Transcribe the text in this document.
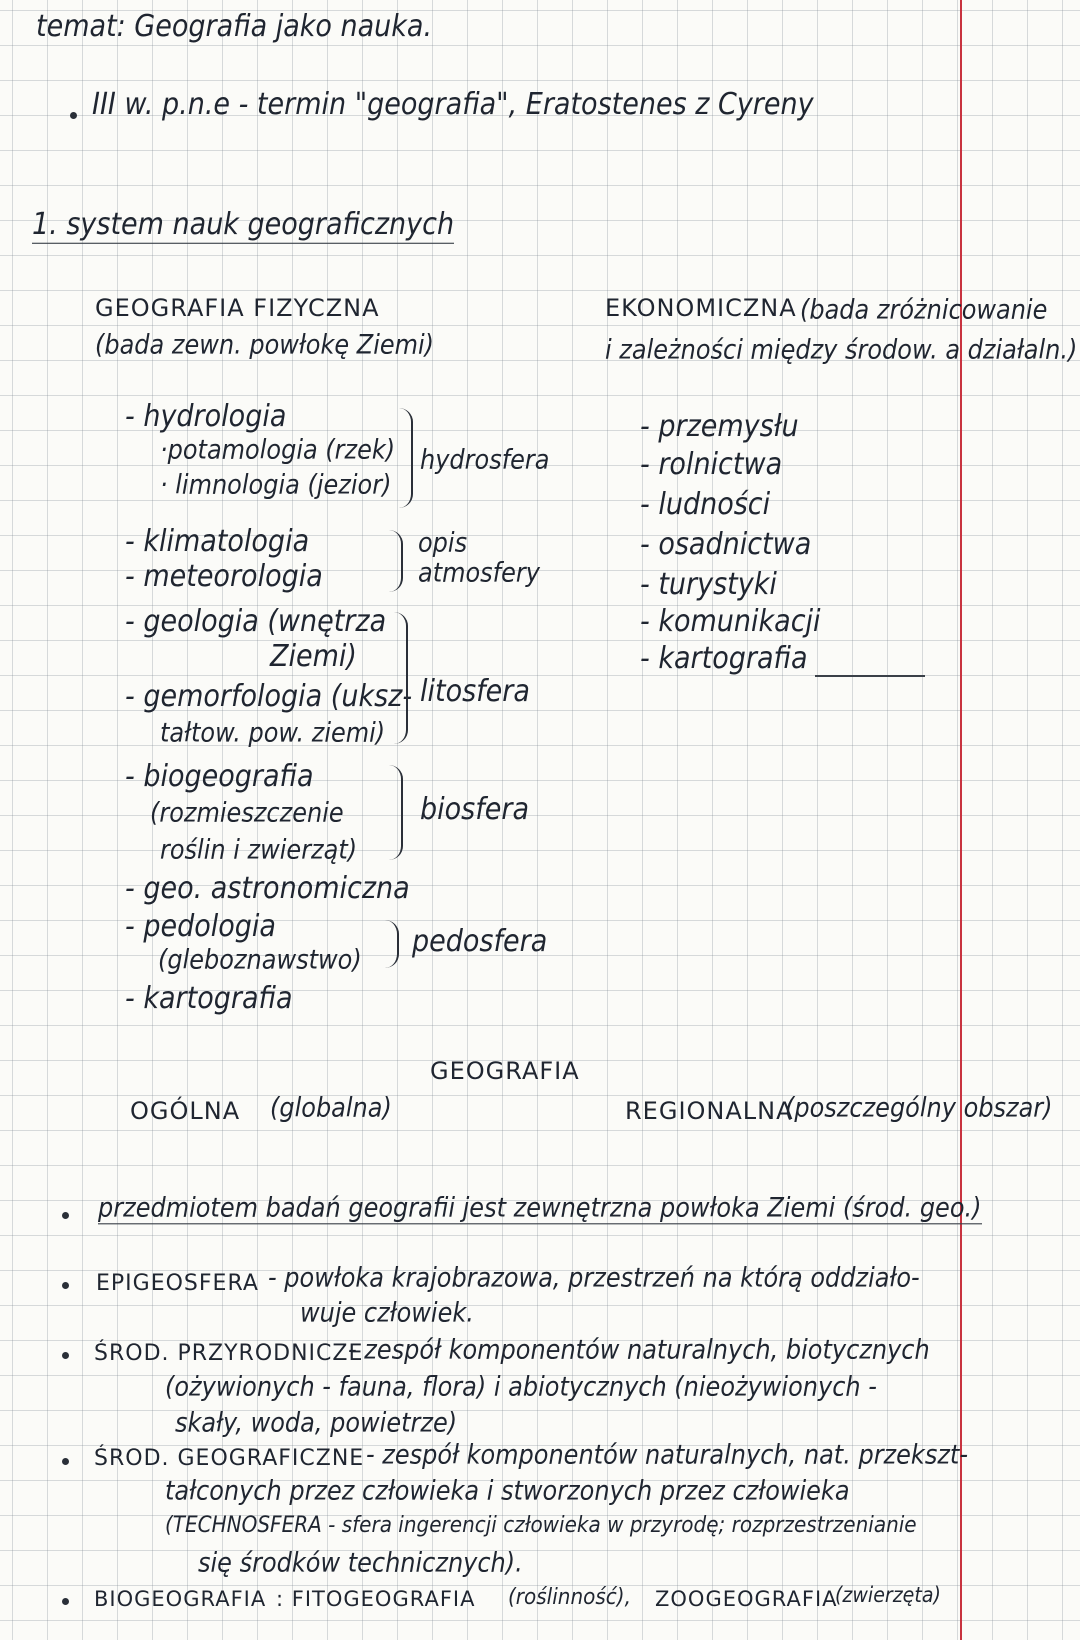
temat: Geografia jako nauka.
III w. p.n.e - termin "geografia", Eratostenes z Cyreny
1. system nauk geograficznych
GEOGRAFIA FIZYCZNA
(bada zewn. powłokę Ziemi)
EKONOMICZNA (bada zróżnicowanie
i zależności między środow. a działaln.)
- hydrologia
·potamologia (rzek)
· limnologia (jezior)
hydrosfera
- klimatologia
- meteorologia
opis
atmosfery
- geologia (wnętrza
Ziemi)
- gemorfologia (uksz-
tałtow. pow. ziemi)
litosfera
- biogeografia
(rozmieszczenie
roślin i zwierząt)
biosfera
- geo. astronomiczna
- pedologia
(gleboznawstwo)
pedosfera
- kartografia
- przemysłu
- rolnictwa
- ludności
- osadnictwa
- turystyki
- komunikacji
- kartografia
GEOGRAFIA
OGÓLNA (globalna)	REGIONALNA
(poszczególny obszar)
przedmiotem badań geografii jest zewnętrzna powłoka Ziemi (środ. geo.)
EPIGEOSFERA - powłoka krajobrazowa, przestrzeń na którą oddziało-
wuje człowiek.
ŚROD. PRZYRODNICZE
- zespół komponentów naturalnych, biotycznych
(ożywionych - fauna, flora) i abiotycznych (nieożywionych -
skały, woda, powietrze)
ŚROD. GEOGRAFICZNE - zespół komponentów naturalnych, nat. przekszt-
tałconych przez człowieka i stworzonych przez człowieka
(TECHNOSFERA - sfera ingerencji człowieka w przyrodę; rozprzestrzenianie
się środków technicznych).
BIOGEOGRAFIA : FITOGEOGRAFIA (roślinność), ZOOGEOGRAFIA
(zwierzęta)
